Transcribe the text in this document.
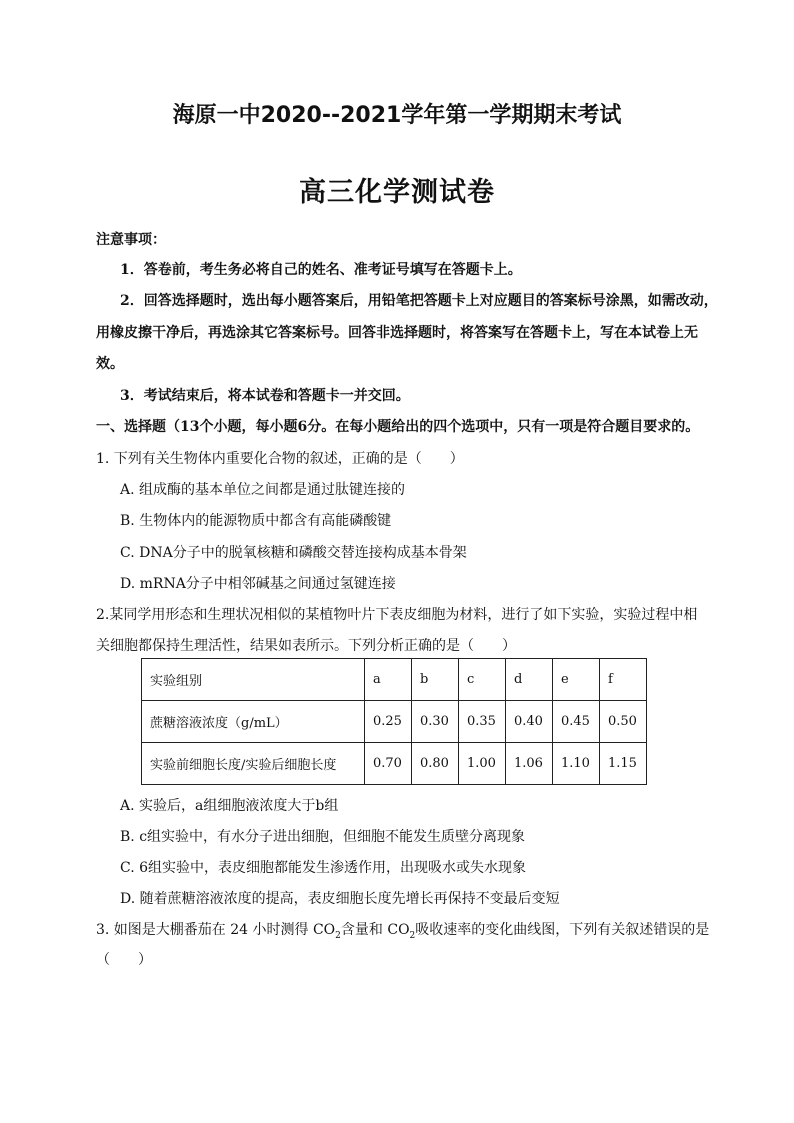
海原一中2020--2021学年第一学期期末考试
高三化学测试卷
注意事项：
1．答卷前，考生务必将自己的姓名、准考证号填写在答题卡上。
2．回答选择题时，选出每小题答案后，用铅笔把答题卡上对应题目的答案标号涂黑，如需改动，
用橡皮擦干净后，再选涂其它答案标号。回答非选择题时，将答案写在答题卡上，写在本试卷上无
效。
3．考试结束后，将本试卷和答题卡一并交回。
一、选择题（13个小题，每小题6分。在每小题给出的四个选项中，只有一项是符合题目要求的。
1. 下列有关生物体内重要化合物的叙述，正确的是（　　）
A. 组成酶的基本单位之间都是通过肽键连接的
B. 生物体内的能源物质中都含有高能磷酸键
C. DNA分子中的脱氧核糖和磷酸交替连接构成基本骨架
D. mRNA分子中相邻碱基之间通过氢键连接
2.某同学用形态和生理状况相似的某植物叶片下表皮细胞为材料，进行了如下实验，实验过程中相
关细胞都保持生理活性，结果如表所示。下列分析正确的是（　　）
实验组别	a	b	c	d	e	f
蔗糖溶液浓度（g/mL）	0.25	0.30	0.35	0.40	0.45	0.50
实验前细胞长度/实验后细胞长度	0.70	0.80	1.00	1.06	1.10	1.15
A. 实验后，a组细胞液浓度大于b组
B. c组实验中，有水分子进出细胞，但细胞不能发生质壁分离现象
C. 6组实验中，表皮细胞都能发生渗透作用，出现吸水或失水现象
D. 随着蔗糖溶液浓度的提高，表皮细胞长度先增长再保持不变最后变短
3. 如图是大棚番茄在 24 小时测得 $CO_2$含量和 $CO_2$吸收速率的变化曲线图，下列有关叙述错误的是
（　　）
